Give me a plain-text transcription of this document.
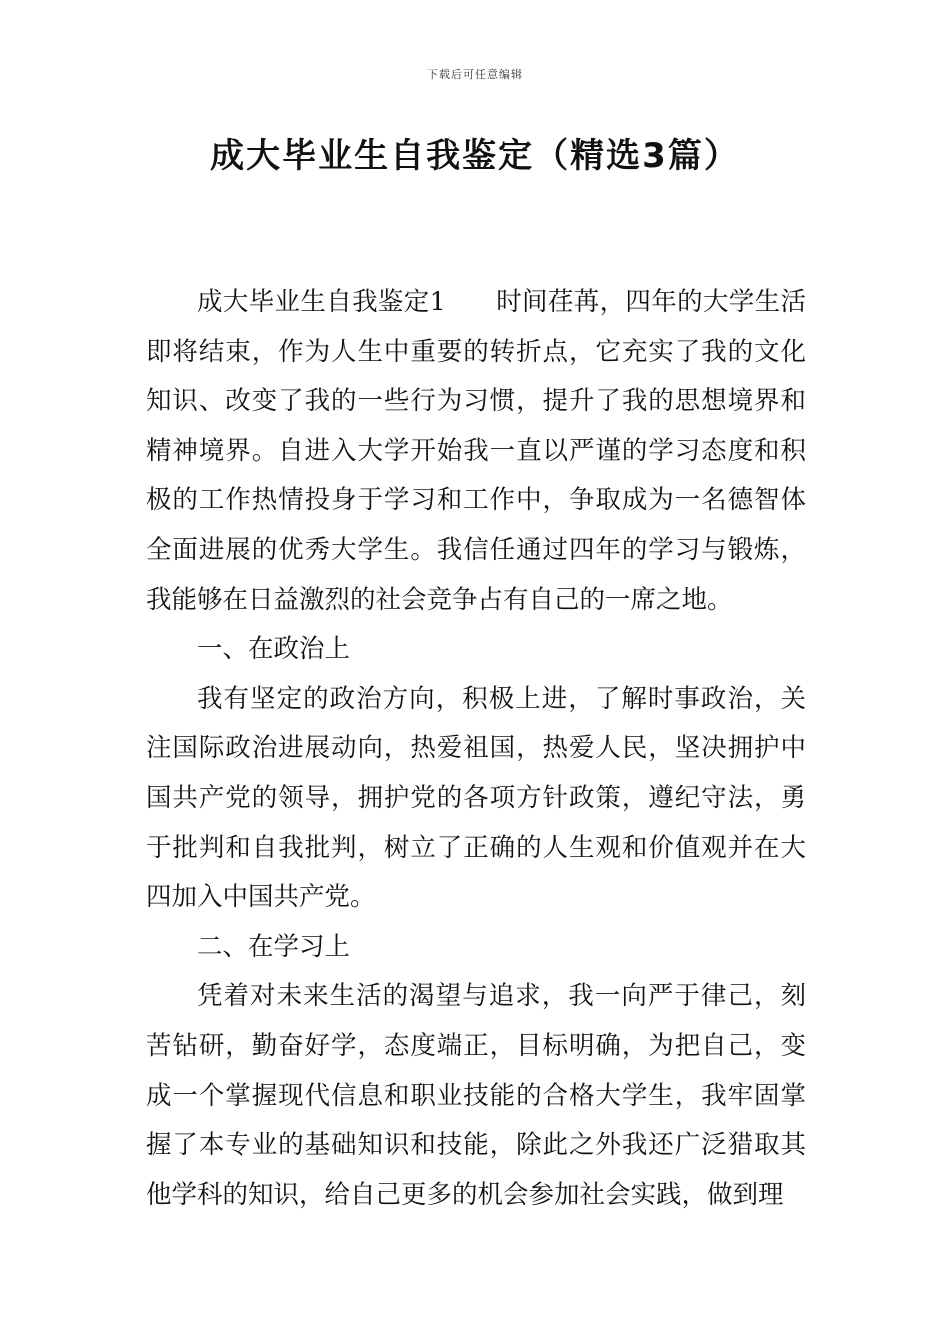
下载后可任意编辑
成大毕业生自我鉴定（精选3篇）

成大毕业生自我鉴定1 时间荏苒，四年的大学生活即将结束，作为人生中重要的转折点，它充实了我的文化知识、改变了我的一些行为习惯，提升了我的思想境界和精神境界。自进入大学开始我一直以严谨的学习态度和积极的工作热情投身于学习和工作中，争取成为一名德智体全面进展的优秀大学生。我信任通过四年的学习与锻炼，我能够在日益激烈的社会竞争占有自己的一席之地。

一、在政治上

我有坚定的政治方向，积极上进，了解时事政治，关注国际政治进展动向，热爱祖国，热爱人民，坚决拥护中国共产党的领导，拥护党的各项方针政策，遵纪守法，勇于批判和自我批判，树立了正确的人生观和价值观并在大四加入中国共产党。

二、在学习上

凭着对未来生活的渴望与追求，我一向严于律己，刻苦钻研，勤奋好学，态度端正，目标明确，为把自己，变成一个掌握现代信息和职业技能的合格大学生，我牢固掌握了本专业的基础知识和技能，除此之外我还广泛猎取其他学科的知识，给自己更多的机会参加社会实践，做到理
